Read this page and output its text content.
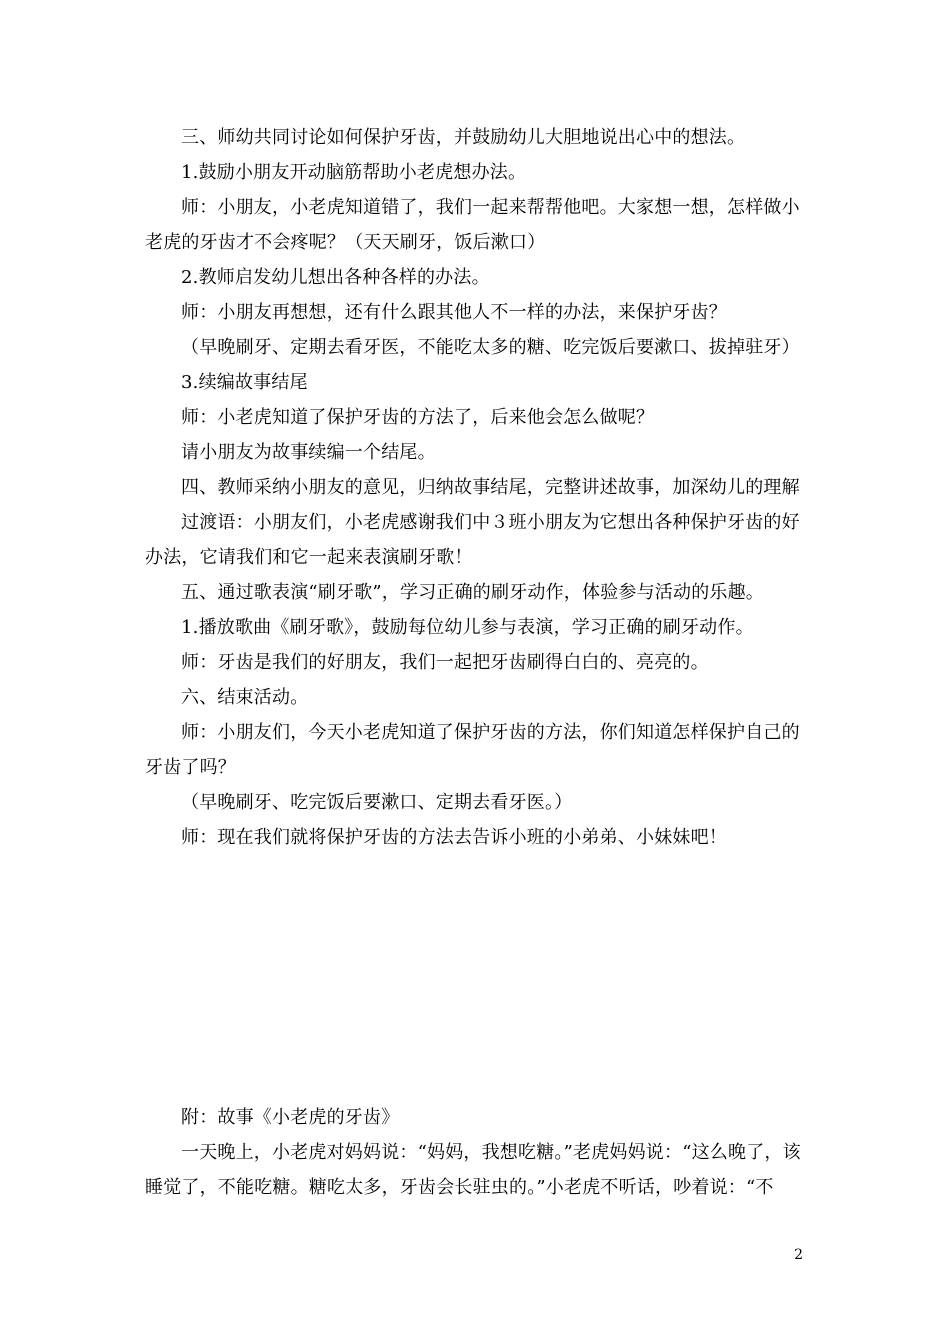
三、师幼共同讨论如何保护牙齿，并鼓励幼儿大胆地说出心中的想法。

1.鼓励小朋友开动脑筋帮助小老虎想办法。

师：小朋友，小老虎知道错了，我们一起来帮帮他吧。大家想一想，怎样做小老虎的牙齿才不会疼呢？（天天刷牙，饭后漱口）

2.教师启发幼儿想出各种各样的办法。

师：小朋友再想想，还有什么跟其他人不一样的办法，来保护牙齿？

（早晚刷牙、定期去看牙医，不能吃太多的糖、吃完饭后要漱口、拔掉驻牙）

3.续编故事结尾

师：小老虎知道了保护牙齿的方法了，后来他会怎么做呢？

请小朋友为故事续编一个结尾。

四、教师采纳小朋友的意见，归纳故事结尾，完整讲述故事，加深幼儿的理解

过渡语：小朋友们，小老虎感谢我们中３班小朋友为它想出各种保护牙齿的好办法，它请我们和它一起来表演刷牙歌！

五、通过歌表演“刷牙歌”，学习正确的刷牙动作，体验参与活动的乐趣。

1.播放歌曲《刷牙歌》，鼓励每位幼儿参与表演，学习正确的刷牙动作。

师：牙齿是我们的好朋友，我们一起把牙齿刷得白白的、亮亮的。

六、结束活动。

师：小朋友们，今天小老虎知道了保护牙齿的方法，你们知道怎样保护自己的牙齿了吗？

（早晚刷牙、吃完饭后要漱口、定期去看牙医。）

师：现在我们就将保护牙齿的方法去告诉小班的小弟弟、小妹妹吧！

附：故事《小老虎的牙齿》

一天晚上，小老虎对妈妈说：“妈妈，我想吃糖。”老虎妈妈说：“这么晚了，该睡觉了，不能吃糖。糖吃太多，牙齿会长驻虫的。”小老虎不听话，吵着说：“不

2
